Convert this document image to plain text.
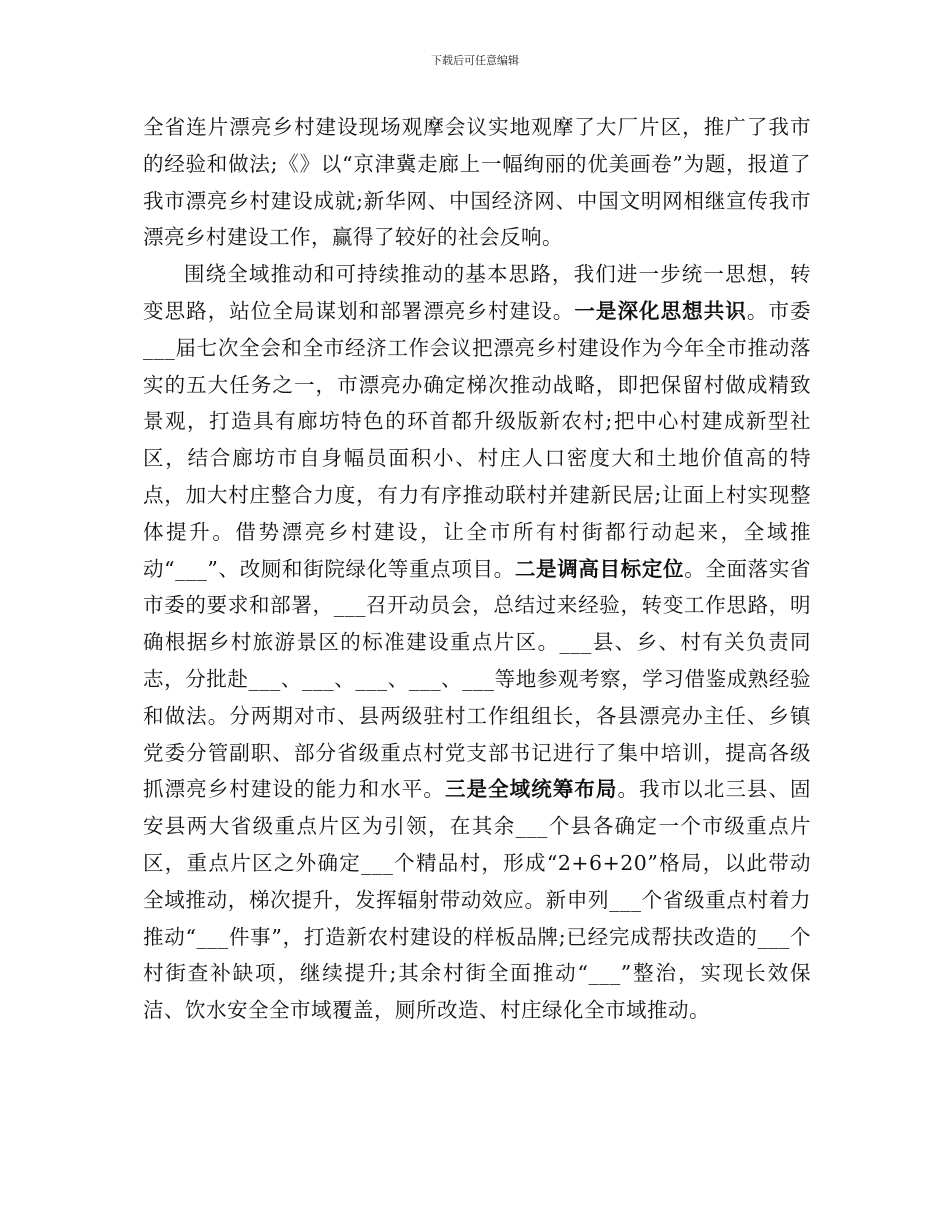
下载后可任意编辑

全省连片漂亮乡村建设现场观摩会议实地观摩了大厂片区，推广了我市的经验和做法;《》以“京津冀走廊上一幅绚丽的优美画卷”为题，报道了我市漂亮乡村建设成就;新华网、中国经济网、中国文明网相继宣传我市漂亮乡村建设工作，赢得了较好的社会反响。

围绕全域推动和可持续推动的基本思路，我们进一步统一思想，转变思路，站位全局谋划和部署漂亮乡村建设。一是深化思想共识。市委___届七次全会和全市经济工作会议把漂亮乡村建设作为今年全市推动落实的五大任务之一，市漂亮办确定梯次推动战略，即把保留村做成精致景观，打造具有廊坊特色的环首都升级版新农村;把中心村建成新型社区，结合廊坊市自身幅员面积小、村庄人口密度大和土地价值高的特点，加大村庄整合力度，有力有序推动联村并建新民居;让面上村实现整体提升。借势漂亮乡村建设，让全市所有村街都行动起来，全域推动“___”、改厕和街院绿化等重点项目。二是调高目标定位。全面落实省市委的要求和部署，___召开动员会，总结过来经验，转变工作思路，明确根据乡村旅游景区的标准建设重点片区。___县、乡、村有关负责同志，分批赴___、___、___、___、___等地参观考察，学习借鉴成熟经验和做法。分两期对市、县两级驻村工作组组长，各县漂亮办主任、乡镇党委分管副职、部分省级重点村党支部书记进行了集中培训，提高各级抓漂亮乡村建设的能力和水平。三是全域统筹布局。我市以北三县、固安县两大省级重点片区为引领，在其余___个县各确定一个市级重点片区，重点片区之外确定___个精品村，形成“2+6+20”格局，以此带动全域推动，梯次提升，发挥辐射带动效应。新申列___个省级重点村着力推动“___件事”，打造新农村建设的样板品牌;已经完成帮扶改造的___个村街查补缺项，继续提升;其余村街全面推动“___”整治，实现长效保洁、饮水安全全市域覆盖，厕所改造、村庄绿化全市域推动。
